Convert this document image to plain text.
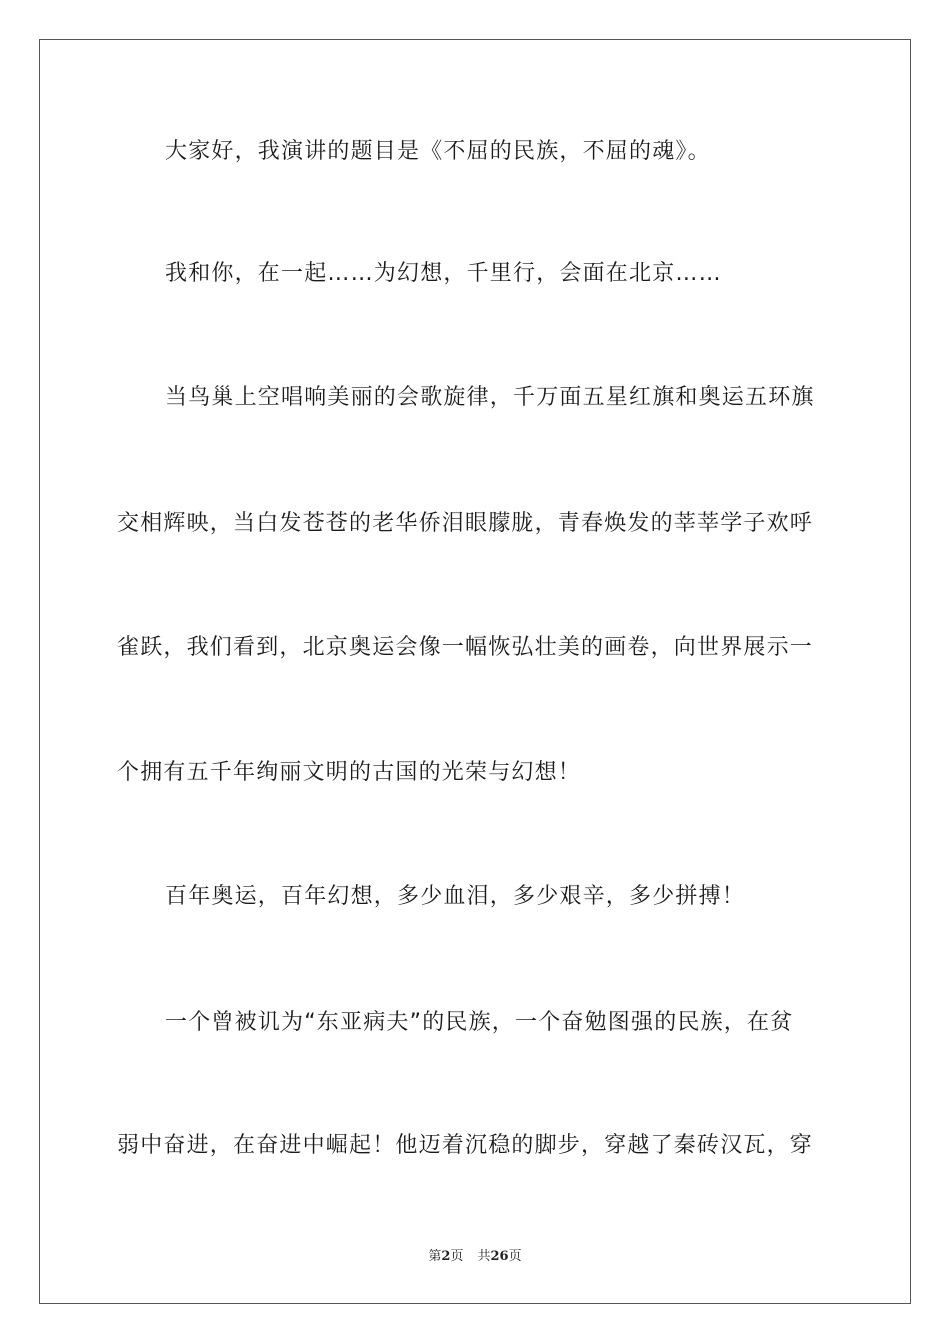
大家好，我演讲的题目是《不屈的民族，不屈的魂》。
我和你，在一起……为幻想，千里行，会面在北京……
当鸟巢上空唱响美丽的会歌旋律，千万面五星红旗和奥运五环旗
交相辉映，当白发苍苍的老华侨泪眼朦胧，青春焕发的莘莘学子欢呼
雀跃，我们看到，北京奥运会像一幅恢弘壮美的画卷，向世界展示一
个拥有五千年绚丽文明的古国的光荣与幻想！
百年奥运，百年幻想，多少血泪，多少艰辛，多少拼搏！
一个曾被讥为“东亚病夫”的民族，一个奋勉图强的民族，在贫
弱中奋进，在奋进中崛起！他迈着沉稳的脚步，穿越了秦砖汉瓦，穿
第2页 共26页
